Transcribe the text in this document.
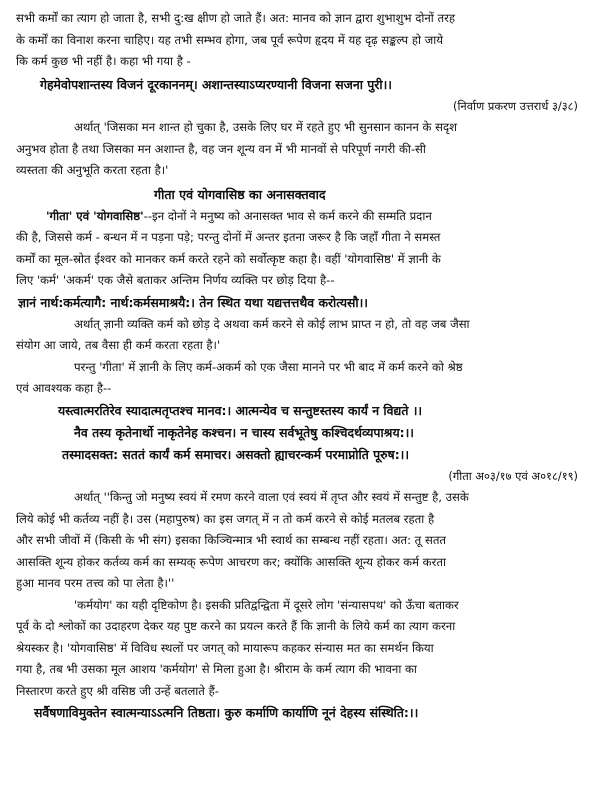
सभी कर्मों का त्याग हो जाता है, सभी दु:ख क्षीण हो जाते हैं। अत: मानव को ज्ञान द्वारा शुभाशुभ दोनों तरह
के कर्मों का विनाश करना चाहिए। यह तभी सम्भव होगा, जब पूर्व रूपेण हृदय में यह दृढ़ सङ्कल्प हो जाये
कि कर्म कुछ भी नहीं है। कहा भी गया है -
गेहमेवोपशान्तस्य विजनं दूरकाननम्। अशान्तस्याऽप्यरण्यानी विजना सजना पुरी।।
(निर्वाण प्रकरण उत्तरार्ध ३/३८)
अर्थात् 'जिसका मन शान्त हो चुका है, उसके लिए घर में रहते हुए भी सुनसान कानन के सदृश
अनुभव होता है तथा जिसका मन अशान्त है, वह जन शून्य वन में भी मानवों से परिपूर्ण नगरी की-सी
व्यस्तता की अनुभूति करता रहता है।'
गीता एवं योगवासिष्ठ का अनासक्तवाद
'गीता' एवं 'योगवासिष्ठ'--इन दोनों ने मनुष्य को अनासक्त भाव से कर्म करने की सम्मति प्रदान
की है, जिससे कर्म - बन्धन में न पड़ना पड़े; परन्तु दोनों में अन्तर इतना जरूर है कि जहाँ गीता ने समस्त
कर्मों का मूल-स्रोत ईश्वर को मानकर कर्म करते रहने को सर्वोत्कृष्ट कहा है। वहीं 'योगवासिष्ठ' में ज्ञानी के
लिए 'कर्म' 'अकर्म' एक जैसे बताकर अन्तिम निर्णय व्यक्ति पर छोड़ दिया है--
ज्ञानं नार्थ:कर्मत्यागै: नार्थ:कर्मसमाश्रयै:। तेन स्थित यथा यद्यत्तत्तथैव करोत्यसौ।।
अर्थात् ज्ञानी व्यक्ति कर्म को छोड़ दे अथवा कर्म करने से कोई लाभ प्राप्त न हो, तो वह जब जैसा
संयोग आ जाये, तब वैसा ही कर्म करता रहता है।'
परन्तु 'गीता' में ज्ञानी के लिए कर्म-अकर्म को एक जैसा मानने पर भी बाद में कर्म करने को श्रेष्ठ
एवं आवश्यक कहा है--
यस्त्वात्मरतिरेव स्यादात्मतृप्तश्च मानव:। आत्मन्येव च सन्तुष्टस्तस्य कार्यं न विद्यते ।।
नैव तस्य कृतेनार्थो नाकृतेनेह कश्चन। न चास्य सर्वभूतेषु कश्चिदर्थव्यपाश्रय:।।
तस्मादसक्त: सततं कार्यं कर्म समाचर। असक्तो ह्याचरन्कर्म परमाप्नोति पूरुष:।।
(गीता अ०३/१७ एवं अ०१८/१९)
अर्थात् ''किन्तु जो मनुष्य स्वयं में रमण करने वाला एवं स्वयं में तृप्त और स्वयं में सन्तुष्ट है, उसके
लिये कोई भी कर्तव्य नहीं है। उस (महापुरुष) का इस जगत् में न तो कर्म करने से कोई मतलब रहता है
और सभी जीवों में (किसी के भी संग) इसका किञ्चिन्मात्र भी स्वार्थ का सम्बन्ध नहीं रहता। अत: तू सतत
आसक्ति शून्य होकर कर्तव्य कर्म का सम्यक् रूपेण आचरण कर; क्योंकि आसक्ति शून्य होकर कर्म करता
हुआ मानव परम तत्त्व को पा लेता है।''
'कर्मयोग' का यही दृष्टिकोण है। इसकी प्रतिद्वन्द्विता में दूसरे लोग 'संन्यासपथ' को ऊँचा बताकर
पूर्व के दो श्लोकों का उदाहरण देकर यह पुष्ट करने का प्रयत्न करते हैं कि ज्ञानी के लिये कर्म का त्याग करना
श्रेयस्कर है। 'योगवासिष्ठ' में विविध स्थलों पर जगत् को मायारूप कहकर संन्यास मत का समर्थन किया
गया है, तब भी उसका मूल आशय 'कर्मयोग' से मिला हुआ है। श्रीराम के कर्म त्याग की भावना का
निस्तारण करते हुए श्री वसिष्ठ जी उन्हें बतलाते हैं-
सर्वैषणाविमुक्तेन स्वात्मन्याऽऽत्मनि तिष्ठता। कुरु कर्माणि कार्याणि नूनं देहस्य संस्थिति:।।
